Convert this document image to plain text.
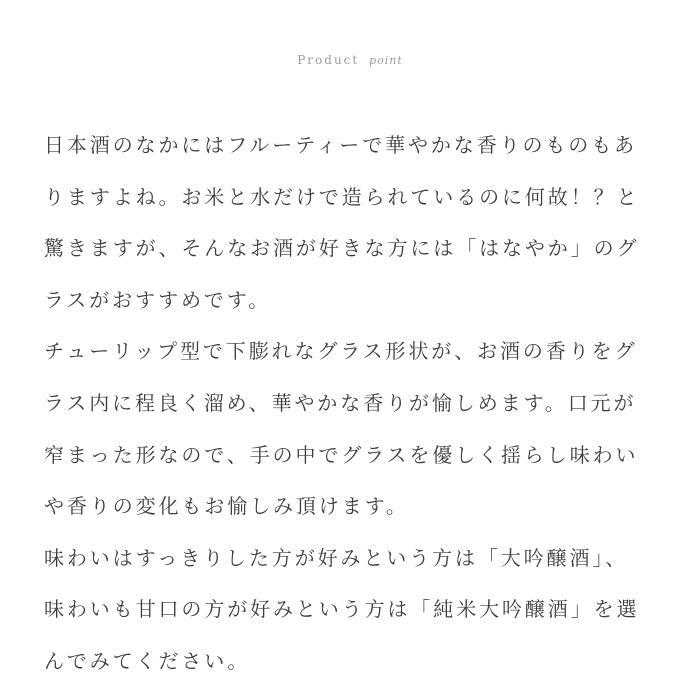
Product point
日本酒のなかにはフルーティーで華やかな香りのものもあ
りますよね。お米と水だけで造られているのに何故！？と
驚きますが、そんなお酒が好きな方には「はなやか」のグ
ラスがおすすめです。
チューリップ型で下膨れなグラス形状が、お酒の香りをグ
ラス内に程良く溜め、華やかな香りが愉しめます。口元が
窄まった形なので、手の中でグラスを優しく揺らし味わい
や香りの変化もお愉しみ頂けます。
味わいはすっきりした方が好みという方は「大吟醸酒」、
味わいも甘口の方が好みという方は「純米大吟醸酒」を選
んでみてください。
